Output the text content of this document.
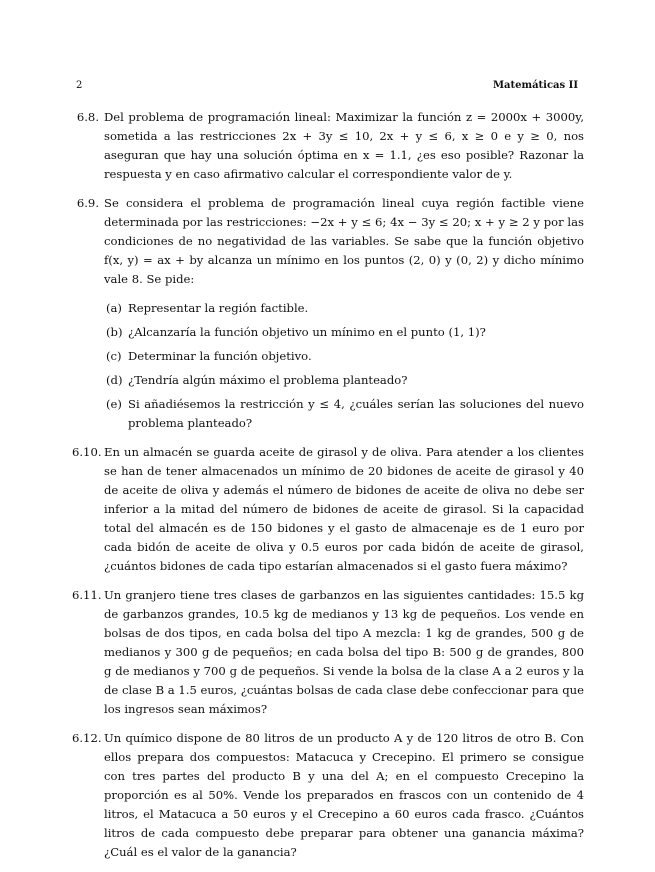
2	Matemáticas II
6.8. Del problema de programación lineal: Maximizar la función z = 2000x + 3000y, sometida a las restricciones 2x + 3y ≤ 10, 2x + y ≤ 6, x ≥ 0 e y ≥ 0, nos aseguran que hay una solución óptima en x = 1.1, ¿es eso posible? Razonar la respuesta y en caso afirmativo calcular el correspondiente valor de y.
6.9. Se considera el problema de programación lineal cuya región factible viene determinada por las restricciones: −2x + y ≤ 6; 4x − 3y ≤ 20; x + y ≥ 2 y por las condiciones de no negatividad de las variables. Se sabe que la función objetivo f(x, y) = ax + by alcanza un mínimo en los puntos (2, 0) y (0, 2) y dicho mínimo vale 8. Se pide:
(a) Representar la región factible.
(b) ¿Alcanzaría la función objetivo un mínimo en el punto (1, 1)?
(c) Determinar la función objetivo.
(d) ¿Tendría algún máximo el problema planteado?
(e) Si añadiésemos la restricción y ≤ 4, ¿cuáles serían las soluciones del nuevo problema planteado?
6.10. En un almacén se guarda aceite de girasol y de oliva. Para atender a los clientes se han de tener almacenados un mínimo de 20 bidones de aceite de girasol y 40 de aceite de oliva y además el número de bidones de aceite de oliva no debe ser inferior a la mitad del número de bidones de aceite de girasol. Si la capacidad total del almacén es de 150 bidones y el gasto de almacenaje es de 1 euro por cada bidón de aceite de oliva y 0.5 euros por cada bidón de aceite de girasol, ¿cuántos bidones de cada tipo estarían almacenados si el gasto fuera máximo?
6.11. Un granjero tiene tres clases de garbanzos en las siguientes cantidades: 15.5 kg de garbanzos grandes, 10.5 kg de medianos y 13 kg de pequeños. Los vende en bolsas de dos tipos, en cada bolsa del tipo A mezcla: 1 kg de grandes, 500 g de medianos y 300 g de pequeños; en cada bolsa del tipo B: 500 g de grandes, 800 g de medianos y 700 g de pequeños. Si vende la bolsa de la clase A a 2 euros y la de clase B a 1.5 euros, ¿cuántas bolsas de cada clase debe confeccionar para que los ingresos sean máximos?
6.12. Un químico dispone de 80 litros de un producto A y de 120 litros de otro B. Con ellos prepara dos compuestos: Matacuca y Crecepino. El primero se consigue con tres partes del producto B y una del A; en el compuesto Crecepino la proporción es al 50%. Vende los preparados en frascos con un contenido de 4 litros, el Matacuca a 50 euros y el Crecepino a 60 euros cada frasco. ¿Cuántos litros de cada compuesto debe preparar para obtener una ganancia máxima? ¿Cuál es el valor de la ganancia?
